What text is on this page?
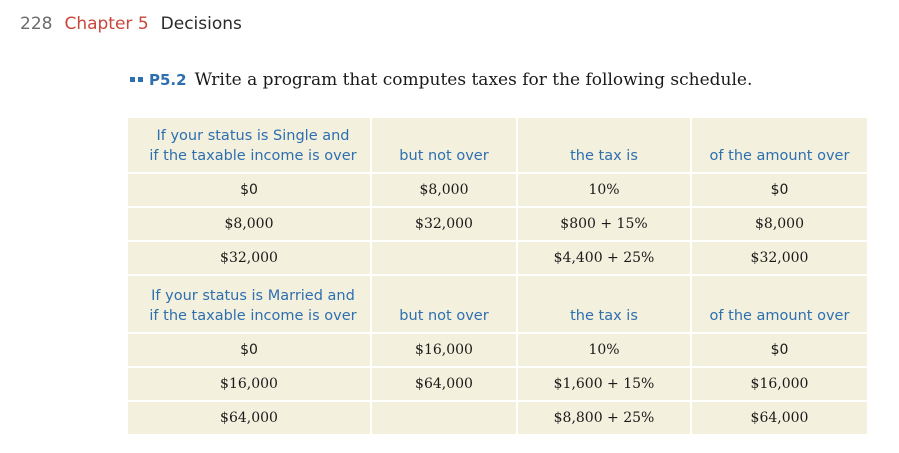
228 Chapter 5 Decisions
P5.2 Write a program that computes taxes for the following schedule.
If your status is Single and
if the taxable income is over	but not over	the tax is	of the amount over
$0	$8,000	10%	$0
$8,000	$32,000	$800 + 15%	$8,000
$32,000		$4,400 + 25%	$32,000
If your status is Married and
if the taxable income is over	but not over	the tax is	of the amount over
$0	$16,000	10%	$0
$16,000	$64,000	$1,600 + 15%	$16,000
$64,000		$8,800 + 25%	$64,000
